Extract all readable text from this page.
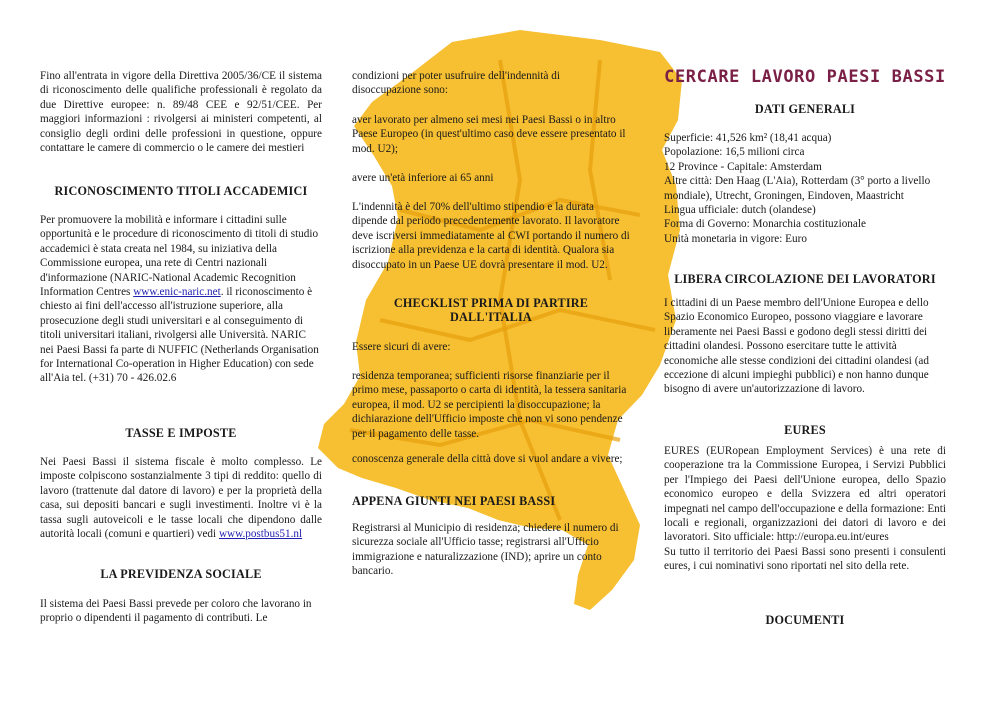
Fino all'entrata in vigore della Direttiva 2005/36/CE il sistema di riconoscimento delle qualifiche professionali è regolato da due Direttive europee: n. 89/48 CEE e 92/51/CEE. Per maggiori informazioni : rivolgersi ai ministeri competenti, al consiglio degli ordini delle professioni in questione, oppure contattare le camere di commercio o le camere dei mestieri

RICONOSCIMENTO TITOLI ACCADEMICI

Per promuovere la mobilità e informare i cittadini sulle opportunità e le procedure di riconoscimento di titoli di studio accademici è stata creata nel 1984, su iniziativa della Commissione europea, una rete di Centri nazionali d'informazione (NARIC-National Academic Recognition Information Centres www.enic-naric.net. il riconoscimento è chiesto ai fini dell'accesso all'istruzione superiore, alla prosecuzione degli studi universitari e al conseguimento di titoli universitari italiani, rivolgersi alle Università. NARIC nei Paesi Bassi fa parte di NUFFIC (Netherlands Organisation for International Co-operation in Higher Education) con sede all'Aia tel. (+31) 70 - 426.02.6

TASSE E IMPOSTE

Nei Paesi Bassi il sistema fiscale è molto complesso. Le imposte colpiscono sostanzialmente 3 tipi di reddito: quello di lavoro (trattenute dal datore di lavoro) e per la proprietà della casa, sui depositi bancari e sugli investimenti. Inoltre vi è la tassa sugli autoveicoli e le tasse locali che dipendono dalle autorità locali (comuni e quartieri) vedi www.postbus51.nl

LA PREVIDENZA SOCIALE

Il sistema dei Paesi Bassi prevede per coloro che lavorano in proprio o dipendenti il pagamento di contributi. Le

condizioni per poter usufruire dell'indennità di disoccupazione sono:

aver lavorato per almeno sei mesi nei Paesi Bassi o in altro Paese Europeo (in quest'ultimo caso deve essere presentato il mod. U2);

avere un'età inferiore ai 65 anni

L'indennità è del 70% dell'ultimo stipendio e la durata dipende dal periodo precedentemente lavorato. Il lavoratore deve iscriversi immediatamente al CWI portando il numero di iscrizione alla previdenza e la carta di identità. Qualora sia disoccupato in un Paese UE dovrà presentare il mod. U2.

CHECKLIST PRIMA DI PARTIRE DALL'ITALIA

Essere sicuri di avere:

residenza temporanea; sufficienti risorse finanziarie per il primo mese, passaporto o carta di identità, la tessera sanitaria europea, il mod. U2 se percipienti la disoccupazione; la dichiarazione dell'Ufficio imposte che non vi sono pendenze per il pagamento delle tasse.

conoscenza generale della città dove si vuol andare a vivere;

APPENA GIUNTI NEI PAESI BASSI

Registrarsi al Municipio di residenza; chiedere il numero di sicurezza sociale all'Ufficio tasse; registrarsi all'Ufficio immigrazione e naturalizzazione (IND); aprire un conto bancario.

CERCARE LAVORO PAESI BASSI
DATI GENERALI
Superficie: 41,526 km² (18,41 acqua)
Popolazione: 16,5 milioni circa
12 Province - Capitale: Amsterdam
Altre città: Den Haag (L'Aia), Rotterdam (3° porto a livello mondiale), Utrecht, Groningen, Eindoven, Maastricht
Lingua ufficiale: dutch (olandese)
Forma di Governo: Monarchia costituzionale
Unità monetaria in vigore: Euro
LIBERA CIRCOLAZIONE DEI LAVORATORI

I cittadini di un Paese membro dell'Unione Europea e dello Spazio Economico Europeo, possono viaggiare e lavorare liberamente nei Paesi Bassi e godono degli stessi diritti dei cittadini olandesi. Possono esercitare tutte le attività economiche alle stesse condizioni dei cittadini olandesi (ad eccezione di alcuni impieghi pubblici) e non hanno dunque bisogno di avere un'autorizzazione di lavoro.

EURES

EURES (EURopean Employment Services) è una rete di cooperazione tra la Commissione Europea, i Servizi Pubblici per l'Impiego dei Paesi dell'Unione europea, dello Spazio economico europeo e della Svizzera ed altri operatori impegnati nel campo dell'occupazione e della formazione: Enti locali e regionali, organizzazioni dei datori di lavoro e dei lavoratori. Sito ufficiale: http://europa.eu.int/eures

Su tutto il territorio dei Paesi Bassi sono presenti i consulenti eures, i cui nominativi sono riportati nel sito della rete.

DOCUMENTI
